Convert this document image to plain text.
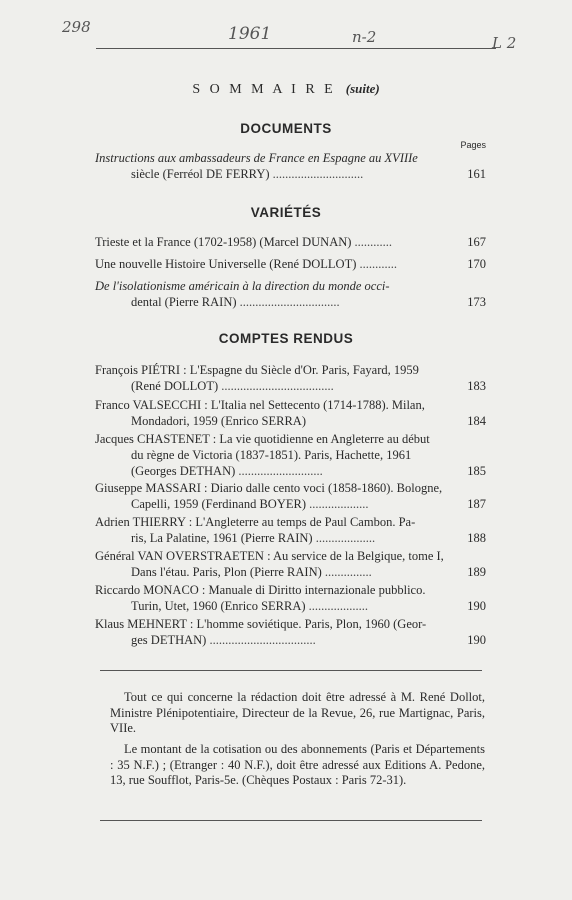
298	1961	n-2	L 2
S O M M A I R E (suite)
DOCUMENTS
Pages
Instructions aux ambassadeurs de France en Espagne au XVIIIe
siècle (Ferréol DE FERRY) .............................	161
VARIÉTÉS
Trieste et la France (1702-1958) (Marcel DUNAN) ............	167
Une nouvelle Histoire Universelle (René DOLLOT) ............	170
De l'isolationisme américain à la direction du monde occi-
dental (Pierre RAIN) ................................	173
COMPTES RENDUS
François PIÉTRI : L'Espagne du Siècle d'Or. Paris, Fayard, 1959
(René DOLLOT) ....................................	183
Franco VALSECCHI : L'Italia nel Settecento (1714-1788). Milan,
Mondadori, 1959 (Enrico SERRA)	184
Jacques CHASTENET : La vie quotidienne en Angleterre au début
du règne de Victoria (1837-1851). Paris, Hachette, 1961
(Georges DETHAN) ...........................	185
Giuseppe MASSARI : Diario dalle cento voci (1858-1860). Bologne,
Capelli, 1959 (Ferdinand BOYER) ...................	187
Adrien THIERRY : L'Angleterre au temps de Paul Cambon. Pa-
ris, La Palatine, 1961 (Pierre RAIN) ...................	188
Général VAN OVERSTRAETEN : Au service de la Belgique, tome I,
Dans l'étau. Paris, Plon (Pierre RAIN) ...............	189
Riccardo MONACO : Manuale di Diritto internazionale pubblico.
Turin, Utet, 1960 (Enrico SERRA) ...................	190
Klaus MEHNERT : L'homme soviétique. Paris, Plon, 1960 (Geor-
ges DETHAN) ..................................	190
Tout ce qui concerne la rédaction doit être adressé à M. René Dollot, Ministre Plénipotentiaire, Directeur de la Revue, 26, rue Martignac, Paris, VIIe.
Le montant de la cotisation ou des abonnements (Paris et Départements : 35 N.F.) ; (Etranger : 40 N.F.), doit être adressé aux Editions A. Pedone, 13, rue Soufflot, Paris-5e. (Chèques Postaux : Paris 72-31).
